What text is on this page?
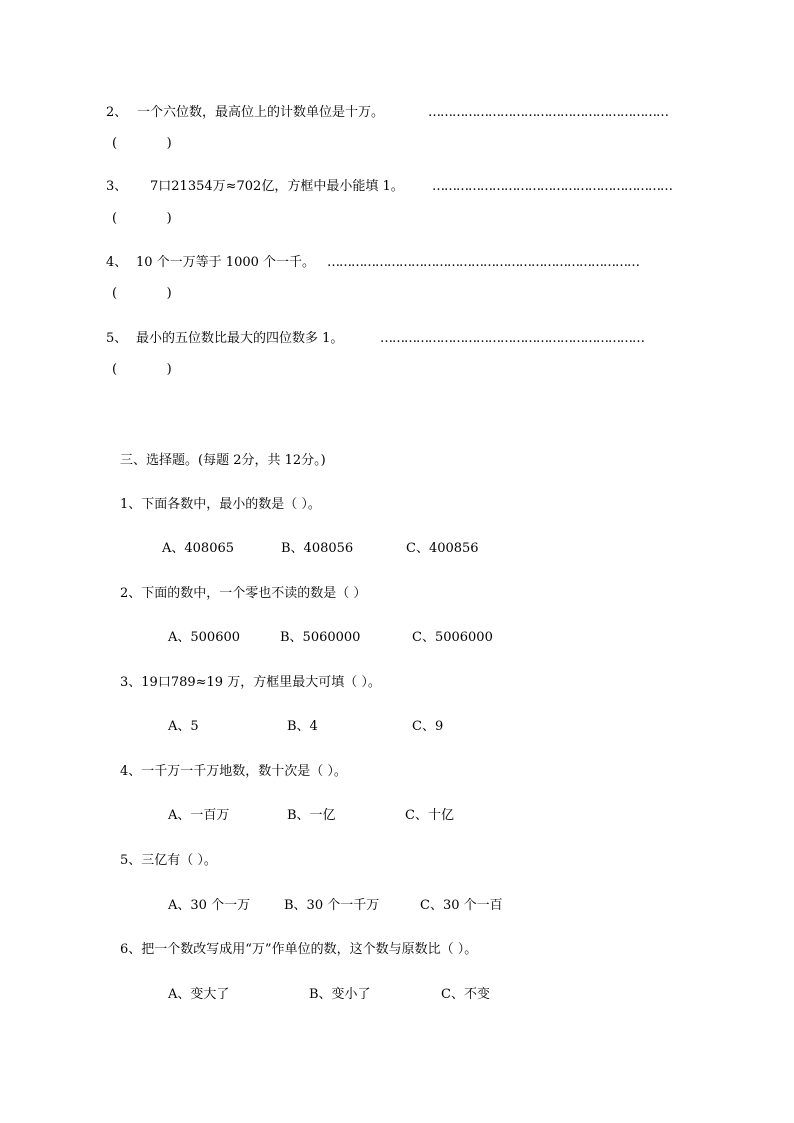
2、 一个六位数，最高位上的计数单位是十万。	……………………………………………………
(            )
3、 7口21354万≈702亿，方框中最小能填 1。 ……………………………………………………
(            )
4、 10 个一万等于 1000 个一千。 ……………………………………………………………………
(            )
5、 最小的五位数比最大的四位数多 1。	…………………………………………………………
(            )
三、选择题。(每题 2分，共 12分。)
1、下面各数中，最小的数是（ ）。
A、408065	B、408056	C、400856
2、下面的数中，一个零也不读的数是（ ）
A、500600	B、5060000	C、5006000
3、19口789≈19 万，方框里最大可填（ ）。
A、5	B、4	C、9
4、一千万一千万地数，数十次是（ ）。
A、一百万	B、一亿	C、十亿
5、三亿有（ ）。
A、30 个一万	B、30 个一千万	C、30 个一百
6、把一个数改写成用“万”作单位的数，这个数与原数比（ ）。
A、变大了	B、变小了	C、不变
